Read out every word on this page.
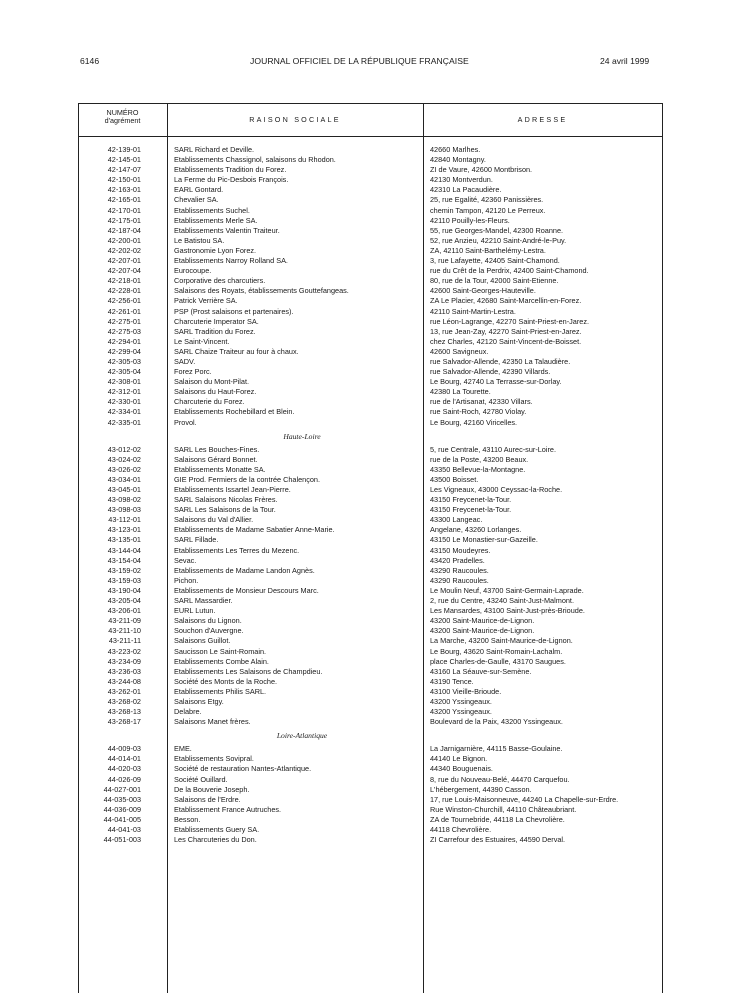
6146	JOURNAL OFFICIEL DE LA RÉPUBLIQUE FRANÇAISE	24 avril 1999
NUMÉRO
d'agrément	RAISON SOCIALE	ADRESSE
42-139-01	SARL Richard et Deville.	42660 Marlhes.
42-145-01	Etablissements Chassignol, salaisons du Rhodon.	42840 Montagny.
42-147-07	Etablissements Tradition du Forez.	ZI de Vaure, 42600 Montbrison.
42-150-01	La Ferme du Pic-Desbois François.	42130 Montverdun.
42-163-01	EARL Gontard.	42310 La Pacaudière.
42-165-01	Chevalier SA.	25, rue Egalité, 42360 Panissières.
42-170-01	Etablissements Suchel.	chemin Tampon, 42120 Le Perreux.
42-175-01	Etablissements Merle SA.	42110 Pouilly-les-Fleurs.
42-187-04	Etablissements Valentin Traiteur.	55, rue Georges-Mandel, 42300 Roanne.
42-200-01	Le Batistou SA.	52, rue Anzieu, 42210 Saint-André-le-Puy.
42-202-02	Gastronomie Lyon Forez.	ZA, 42110 Saint-Barthelémy-Lestra.
42-207-01	Etablissements Narroy Rolland SA.	3, rue Lafayette, 42405 Saint-Chamond.
42-207-04	Eurocoupe.	rue du Crêt de la Perdrix, 42400 Saint-Chamond.
42-218-01	Corporative des charcutiers.	80, rue de la Tour, 42000 Saint-Etienne.
42-228-01	Salaisons des Royats, établissements Gouttefangeas.	42600 Saint-Georges-Hauteville.
42-256-01	Patrick Verrière SA.	ZA Le Placier, 42680 Saint-Marcellin-en-Forez.
42-261-01	PSP (Prost salaisons et partenaires).	42110 Saint-Martin-Lestra.
42-275-01	Charcuterie Imperator SA.	rue Léon-Lagrange, 42270 Saint-Priest-en-Jarez.
42-275-03	SARL Tradition du Forez.	13, rue Jean-Zay, 42270 Saint-Priest-en-Jarez.
42-294-01	Le Saint-Vincent.	chez Charles, 42120 Saint-Vincent-de-Boisset.
42-299-04	SARL Chaize Traiteur au four à chaux.	42600 Savigneux.
42-305-03	SADV.	rue Salvador-Allende, 42350 La Talaudière.
42-305-04	Forez Porc.	rue Salvador-Allende, 42390 Villards.
42-308-01	Salaison du Mont-Pilat.	Le Bourg, 42740 La Terrasse-sur-Dorlay.
42-312-01	Salaisons du Haut-Forez.	42380 La Tourette.
42-330-01	Charcuterie du Forez.	rue de l'Artisanat, 42330 Villars.
42-334-01	Etablissements Rochebillard et Blein.	rue Saint-Roch, 42780 Violay.
42-335-01	Provol.	Le Bourg, 42160 Viricelles.
Haute-Loire
43-012-02	SARL Les Bouches-Fines.	5, rue Centrale, 43110 Aurec-sur-Loire.
43-024-02	Salaisons Gérard Bonnet.	rue de la Poste, 43200 Beaux.
43-026-02	Etablissements Monatte SA.	43350 Bellevue-la-Montagne.
43-034-01	GIE Prod. Fermiers de la contrée Chalençon.	43500 Boisset.
43-045-01	Etablissements Issartel Jean-Pierre.	Les Vigneaux, 43000 Ceyssac-la-Roche.
43-098-02	SARL Salaisons Nicolas Frères.	43150 Freycenet-la-Tour.
43-098-03	SARL Les Salaisons de la Tour.	43150 Freycenet-la-Tour.
43-112-01	Salaisons du Val d'Allier.	43300 Langeac.
43-123-01	Etablissements de Madame Sabatier Anne-Marie.	Angelane, 43260 Lorlanges.
43-135-01	SARL Fillade.	43150 Le Monastier-sur-Gazeille.
43-144-04	Etablissements Les Terres du Mezenc.	43150 Moudeyres.
43-154-04	Sevac.	43420 Pradelles.
43-159-02	Etablissements de Madame Landon Agnès.	43290 Raucoules.
43-159-03	Pichon.	43290 Raucoules.
43-190-04	Etablissements de Monsieur Descours Marc.	Le Moulin Neuf, 43700 Saint-Germain-Laprade.
43-205-04	SARL Massardier.	2, rue du Centre, 43240 Saint-Just-Malmont.
43-206-01	EURL Lutun.	Les Mansardes, 43100 Saint-Just-près-Brioude.
43-211-09	Salaisons du Lignon.	43200 Saint-Maurice-de-Lignon.
43-211-10	Souchon d'Auvergne.	43200 Saint-Maurice-de-Lignon.
43-211-11	Salaisons Guillot.	La Marche, 43200 Saint-Maurice-de-Lignon.
43-223-02	Saucisson Le Saint-Romain.	Le Bourg, 43620 Saint-Romain-Lachalm.
43-234-09	Etablissements Combe Alain.	place Charles-de-Gaulle, 43170 Saugues.
43-236-03	Etablissements Les Salaisons de Champdieu.	43160 La Séauve-sur-Semène.
43-244-08	Société des Monts de la Roche.	43190 Tence.
43-262-01	Etablissements Philis SARL.	43100 Vieille-Brioude.
43-268-02	Salaisons Etgy.	43200 Yssingeaux.
43-268-13	Delabre.	43200 Yssingeaux.
43-268-17	Salaisons Manet frères.	Boulevard de la Paix, 43200 Yssingeaux.
Loire-Atlantique
44-009-03	EME.	La Jarnigarnière, 44115 Basse-Goulaine.
44-014-01	Etablissements Sovipral.	44140 Le Bignon.
44-020-03	Société de restauration Nantes-Atlantique.	44340 Bouguenais.
44-026-09	Société Ouillard.	8, rue du Nouveau-Belé, 44470 Carquefou.
44-027-001	De la Bouverie Joseph.	L'hébergement, 44390 Casson.
44-035-003	Salaisons de l'Erdre.	17, rue Louis-Maisonneuve, 44240 La Chapelle-sur-Erdre.
44-036-009	Etablissement France Autruches.	Rue Winston-Churchill, 44110 Châteaubriant.
44-041-005	Besson.	ZA de Tournebride, 44118 La Chevrolière.
44-041-03	Etablissements Guery SA.	44118 Chevrolière.
44-051-003	Les Charcuteries du Don.	ZI Carrefour des Estuaires, 44590 Derval.
